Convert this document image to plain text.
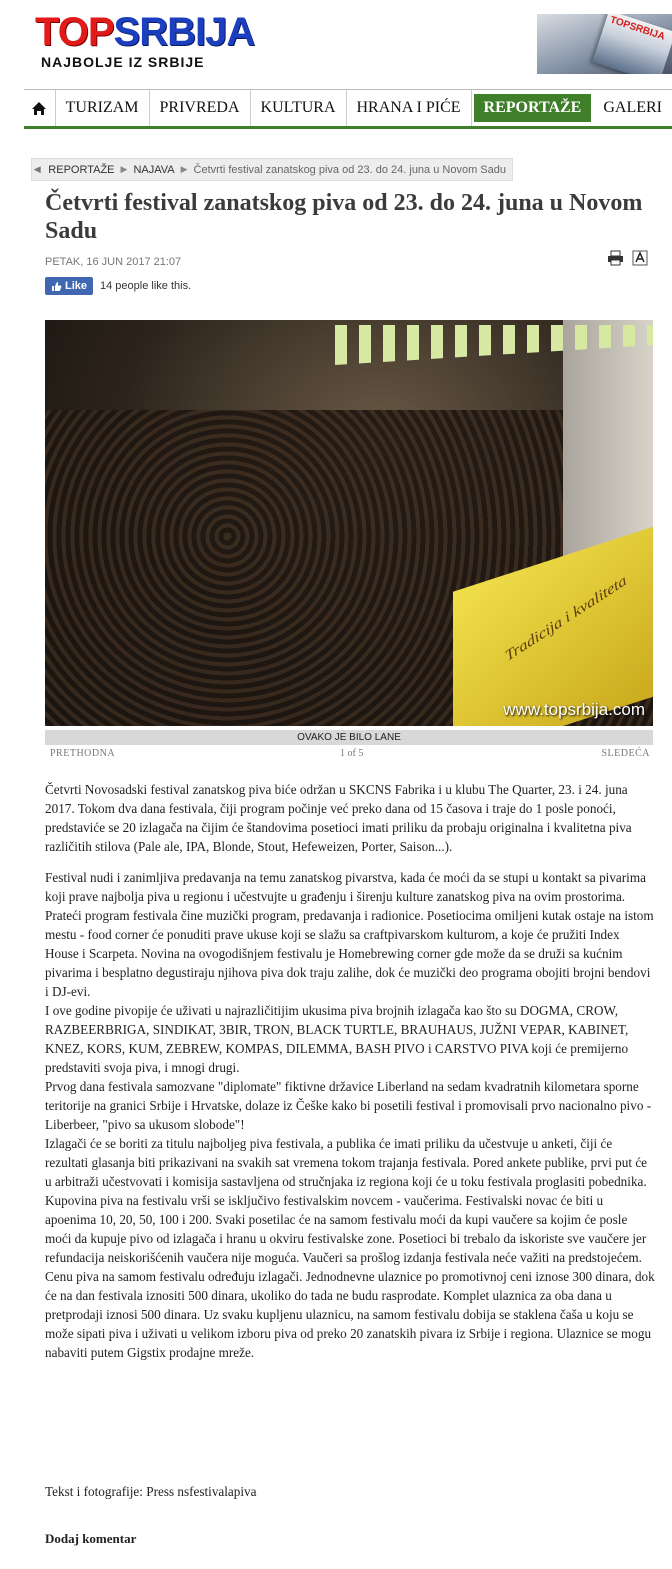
TOPSRBIJA
NAJBOLJE IZ SRBIJE
TOPSRBIJA
TURIZAM	PRIVREDA	KULTURA	HRANA I PIĆE	REPORTAŽE	GALERI
◀ REPORTAŽE ▶ NAJAVA ▶ Četvrti festival zanatskog piva od 23. do 24. juna u Novom Sadu
Četvrti festival zanatskog piva od 23. do 24. juna u Novom Sadu
PETAK, 16 JUN 2017 21:07
Like 14 people like this.
Tradicija i kvaliteta
www.topsrbija.com
OVAKO JE BILO LANE
PRETHODNA	1 of 5	SLEDEĆA

Četvrti Novosadski festival zanatskog piva biće održan u SKCNS Fabrika i u klubu The Quarter, 23. i 24. juna 2017. Tokom dva dana festivala, čiji program počinje već preko dana od 15 časova i traje do 1 posle ponoći, predstaviće se 20 izlagača na čijim će štandovima posetioci imati priliku da probaju originalna i kvalitetna piva različitih stilova (Pale ale, IPA, Blonde, Stout, Hefeweizen, Porter, Saison...).

Festival nudi i zanimljiva predavanja na temu zanatskog pivarstva, kada će moći da se stupi u kontakt sa pivarima koji prave najbolja piva u regionu i učestvujte u građenju i širenju kulture zanatskog piva na ovim prostorima.

Prateći program festivala čine muzički program, predavanja i radionice. Posetiocima omiljeni kutak ostaje na istom mestu - food corner će ponuditi prave ukuse koji se slažu sa craftpivarskom kulturom, a koje će pružiti Index House i Scarpeta. Novina na ovogodišnjem festivalu je Homebrewing corner gde može da se druži sa kućnim pivarima i besplatno degustiraju njihova piva dok traju zalihe, dok će muzički deo programa obojiti brojni bendovi i DJ-evi.

I ove godine pivopije će uživati u najrazličitijim ukusima piva brojnih izlagača kao što su DOGMA, CROW, RAZBEERBRIGA, SINDIKAT, 3BIR, TRON, BLACK TURTLE, BRAUHAUS, JUŽNI VEPAR, KABINET, KNEZ, KORS, KUM, ZEBREW, KOMPAS, DILEMMA, BASH PIVO i CARSTVO PIVA koji će premijerno predstaviti svoja piva, i mnogi drugi.

Prvog dana festivala samozvane "diplomate" fiktivne državice Liberland na sedam kvadratnih kilometara sporne teritorije na granici Srbije i Hrvatske, dolaze iz Češke kako bi posetili festival i promovisali prvo nacionalno pivo - Liberbeer, "pivo sa ukusom slobode"!

Izlagači će se boriti za titulu najboljeg piva festivala, a publika će imati priliku da učestvuje u anketi, čiji će rezultati glasanja biti prikazivani na svakih sat vremena tokom trajanja festivala. Pored ankete publike, prvi put će u arbitraži učestvovati i komisija sastavljena od stručnjaka iz regiona koji će u toku festivala proglasiti pobednika.

Kupovina piva na festivalu vrši se isključivo festivalskim novcem - vaučerima. Festivalski novac će biti u apoenima 10, 20, 50, 100 i 200. Svaki posetilac će na samom festivalu moći da kupi vaučere sa kojim će posle moći da kupuje pivo od izlagača i hranu u okviru festivalske zone. Posetioci bi trebalo da iskoriste sve vaučere jer refundacija neiskorišćenih vaučera nije moguća. Vaučeri sa prošlog izdanja festivala neće važiti na predstojećem. Cenu piva na samom festivalu određuju izlagači. Jednodnevne ulaznice po promotivnoj ceni iznose 300 dinara, dok će na dan festivala iznositi 500 dinara, ukoliko do tada ne budu rasprodate. Komplet ulaznica za oba dana u pretprodaji iznosi 500 dinara. Uz svaku kupljenu ulaznicu, na samom festivalu dobija se staklena čaša u koju se može sipati piva i uživati u velikom izboru piva od preko 20 zanatskih pivara iz Srbije i regiona. Ulaznice se mogu nabaviti putem Gigstix prodajne mreže.

Tekst i fotografije: Press nsfestivalapiva
Dodaj komentar
